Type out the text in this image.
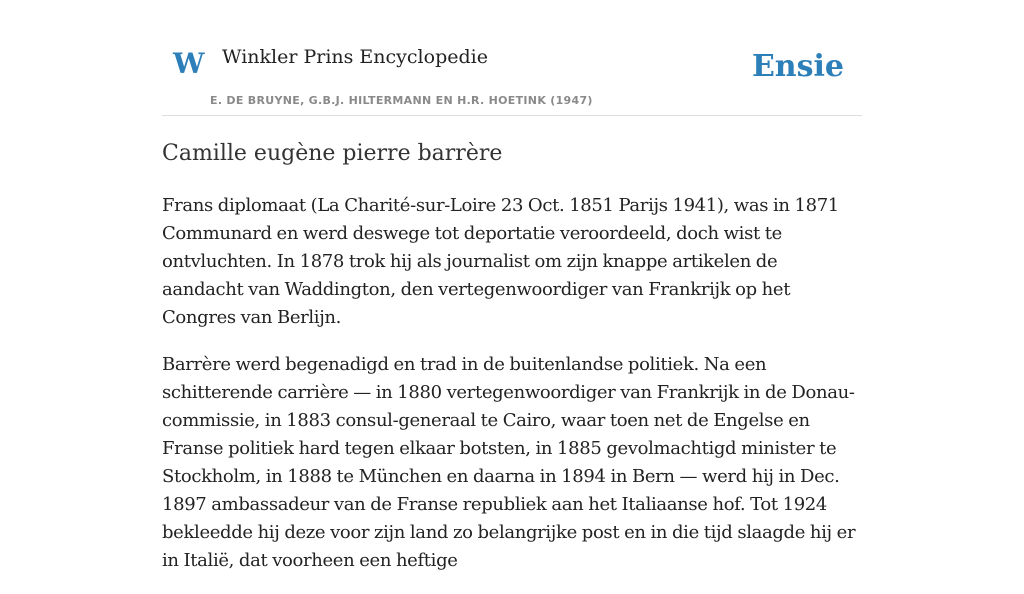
W Winkler Prins Encyclopedie
E. DE BRUYNE, G.B.J. HILTERMANN EN H.R. HOETINK (1947)
Ensie
Camille eugène pierre barrère

Frans diplomaat (La Charité-sur-Loire 23 Oct. 1851 Parijs 1941), was in 1871 Communard en werd deswege tot deportatie veroordeeld, doch wist te ontvluchten. In 1878 trok hij als journalist om zijn knappe artikelen de aandacht van Waddington, den vertegenwoordiger van Frankrijk op het Congres van Berlijn.

Barrère werd begenadigd en trad in de buitenlandse politiek. Na een schitterende carrière — in 1880 vertegenwoordiger van Frankrijk in de Donau-commissie, in 1883 consul-generaal te Cairo, waar toen net de Engelse en Franse politiek hard tegen elkaar botsten, in 1885 gevolmachtigd minister te Stockholm, in 1888 te München en daarna in 1894 in Bern — werd hij in Dec. 1897 ambassadeur van de Franse republiek aan het Italiaanse hof. Tot 1924 bekleedde hij deze voor zijn land zo belangrijke post en in die tijd slaagde hij er in Italië, dat voorheen een heftige
